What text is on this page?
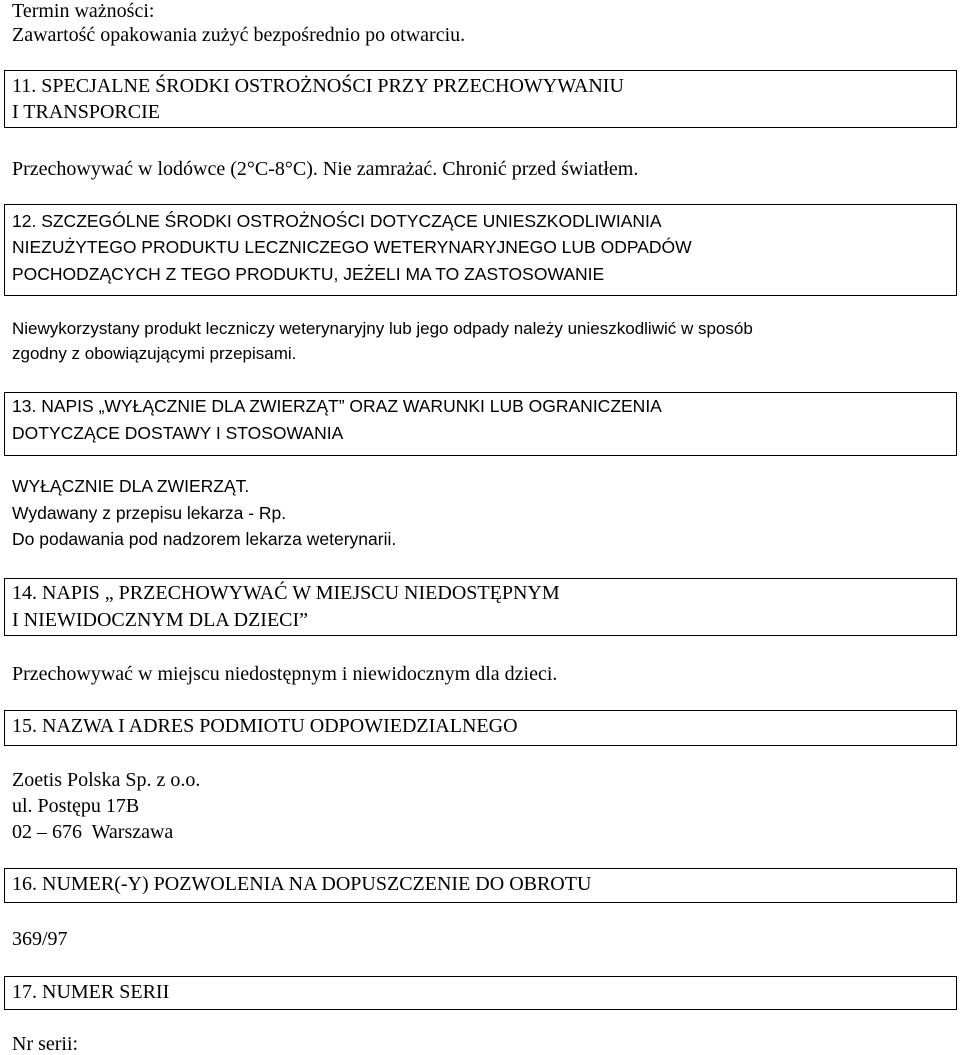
Termin ważności:

Zawartość opakowania zużyć bezpośrednio po otwarciu.

11. SPECJALNE ŚRODKI OSTROŻNOŚCI PRZY PRZECHOWYWANIU

I TRANSPORCIE

Przechowywać w lodówce (2°C-8°C). Nie zamrażać. Chronić przed światłem.

12. SZCZEGÓLNE ŚRODKI OSTROŻNOŚCI DOTYCZĄCE UNIESZKODLIWIANIA

NIEZUŻYTEGO PRODUKTU LECZNICZEGO WETERYNARYJNEGO LUB ODPADÓW

POCHODZĄCYCH Z TEGO PRODUKTU, JEŻELI MA TO ZASTOSOWANIE

Niewykorzystany produkt leczniczy weterynaryjny lub jego odpady należy unieszkodliwić w sposób

zgodny z obowiązującymi przepisami.

13. NAPIS „WYŁĄCZNIE DLA ZWIERZĄT” ORAZ WARUNKI LUB OGRANICZENIA

DOTYCZĄCE DOSTAWY I STOSOWANIA

WYŁĄCZNIE DLA ZWIERZĄT.

Wydawany z przepisu lekarza - Rp.

Do podawania pod nadzorem lekarza weterynarii.

14. NAPIS „ PRZECHOWYWAĆ W MIEJSCU NIEDOSTĘPNYM

I NIEWIDOCZNYM DLA DZIECI”

Przechowywać w miejscu niedostępnym i niewidocznym dla dzieci.

15. NAZWA I ADRES PODMIOTU ODPOWIEDZIALNEGO

Zoetis Polska Sp. z o.o.

ul. Postępu 17B

02 – 676  Warszawa

16. NUMER(-Y) POZWOLENIA NA DOPUSZCZENIE DO OBROTU

369/97

17. NUMER SERII

Nr serii:
